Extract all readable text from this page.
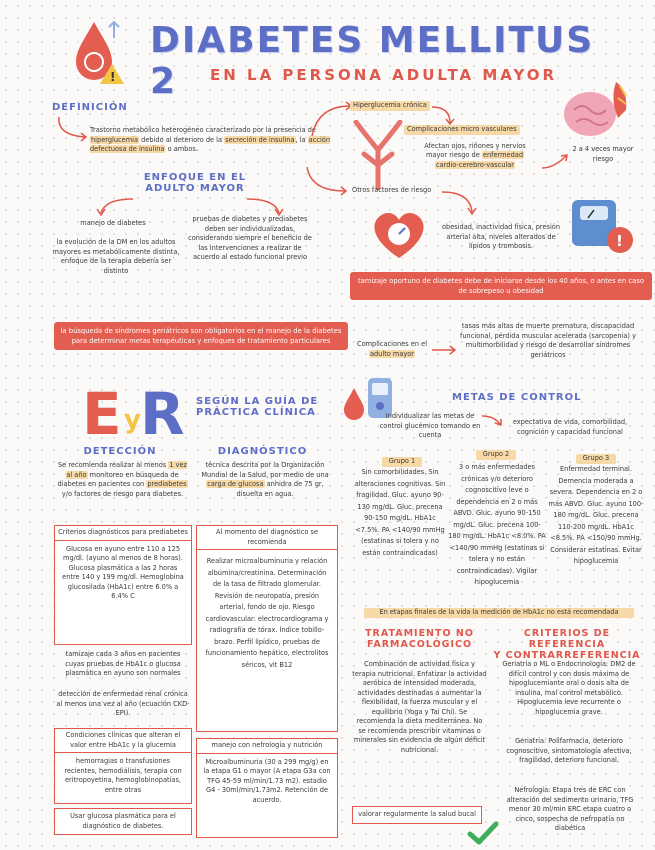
!
DIABETES MELLITUS 2	EN LA PERSONA ADULTA MAYOR
DEFINICIÓN
Trastorno metabólico heterogéneo caracterizado por la presencia de hiperglucemia debido al deterioro de la secreción de insulina, la acción defectuosa de insulina o ambos.
Hiperglucemia crónica
Complicaciones micro vasculares
Afectan ojos, riñones y nervios
mayor riesgo de enfermedad
cardio-cerebro-vascular
2 a 4 veces mayor riesgo
Otros factores de riesgo
obesidad, inactividad física, presión arterial alta, niveles alterados de lípidos y trombosis.	!
tamizaje oportuno de diabetes debe de iniciarse desde los 40 años, o antes en caso de sobrepeso u obesidad
ENFOQUE EN EL
ADULTO MAYOR
manejo de diabetes
la evolución de la DM en los adultos mayores es metabólicamente distinta, enfoque de la terapia debería ser distinto
pruebas de diabetes y prediabetes deben ser individualizadas, considerando siempre el beneficio de las intervenciones a realizar de acuerdo al estado funcional previo
la búsqueda de síndromes geriátricos son obligatorios en el manejo de la diabetes para determinar metas terapéuticas y enfoques de tratamiento particulares	Complicaciones en el adulto mayor
tasas más altas de muerte prematura, discapacidad funcional, pérdida muscular acelerada (sarcopenia) y multimorbilidad y riesgo de desarrollar síndromes geriátricos
E y R SEGÚN LA GUÍA DE
PRÁCTICA CLÍNICA
DETECCIÓN
Se recomienda realizar al menos 1 vez al año monitoreo en búsqueda de diabetes en pacientes con prediabetes y/o factores de riesgo para diabetes.
Criterios diagnósticos para prediabetes
Glucosa en ayuno entre 110 a 125 mg/dl. (ayuno al menos de 8 horas). Glucosa plasmática a las 2 horas entre 140 y 199 mg/dl. Hemoglobina glucosilada (HbA1c) entre 6.0% a 6.4% C
tamizaje cada 3 años en pacientes cuyas pruebas de HbA1c o glucosa plasmática en ayuno son normales
detección de enfermedad renal crónica al menos una vez al año (ecuación CKD-EPI).
Condiciones clínicas que alteran el valor entre HbA1c y la glucemia
hemorragias o transfusiones recientes, hemodiálisis, terapia con eritropoyetina, hemoglobinopatías, entre otras
Usar glucosa plasmática para el diagnóstico de diabetes.
DIAGNÓSTICO
técnica descrita por la Organización Mundial de la Salud, por medio de una carga de glucosa anhidra de 75 gr, disuelta en agua.
Al momento del diagnóstico se recomienda
Realizar microalbuminuria y relación albúmina/creatinina. Determinación de la tasa de filtrado glomerular. Revisión de neuropatía, presión arterial, fondo de ojo. Riesgo cardiovascular: electrocardiograma y radiografía de tórax. Índice tobillo-brazo. Perfil lipídico, pruebas de funcionamiento hepático, electrolitos séricos, vit B12
manejo con nefrología y nutrición
Microalbuminuria (30 a 299 mg/g) en la etapa G1 o mayor (A etapa G3a con TFG 45-59 ml/min/1.73 m2). estadio G4 - 30ml/min/1.73m2. Retención de acuerdo.
METAS DE CONTROL
Individualizar las metas de control glucémico tomando en cuenta
expectativa de vida, comorbilidad, cognición y capacidad funcional
Grupo 1
Sin comorbilidades. Sin alteraciones cognitivas. Sin fragilidad. Gluc. ayuno 90-130 mg/dL. Gluc. precena 90-150 mg/dL. HbA1c <7.5%. PA <140/90 mmHg (estatinas si tolera y no están contraindicadas)
Grupo 2
3 o más enfermedades crónicas y/o deterioro cognoscitivo leve o dependencia en 2 o más ABVD. Gluc. ayuno 90-150 mg/dL. Gluc. precena 100-180 mg/dL. HbA1c <8.0%. PA <140/90 mmHg (estatinas si tolera y no están contraindicadas). Vigilar hipoglucemia
Grupo 3
Enfermedad terminal. Demencia moderada a severa. Dependencia en 2 o más ABVD. Gluc. ayuno 100-180 mg/dL. Gluc. precena 110-200 mg/dL. HbA1c <8.5%. PA <150/90 mmHg. Considerar estatinas. Evitar hipoglucemia
En etapas finales de la vida la medición de HbA1c no está recomendada
TRATAMIENTO NO
FARMACOLÓGICO
Combinación de actividad física y terapia nutricional. Enfatizar la actividad aeróbica de intensidad moderada, actividades destinadas a aumentar la flexibilidad, la fuerza muscular y el equilibrio (Yoga y Tai Chi). Se recomienda la dieta mediterránea. No se recomienda prescribir vitaminas o minerales sin evidencia de algún déficit nutricional.
valorar regularmente la salud bucal
CRITERIOS DE REFERENCIA
Y CONTRARREFERENCIA
Geriatría o ML o Endocrinología: DM2 de difícil control y con dosis máxima de hipoglucemiante oral o dosis alta de insulina, mal control metabólico. Hipoglucemia leve recurrente o hipoglucemia grave.
Geriatría: Polifarmacia, deterioro cognoscitivo, sintomatología afectiva, fragilidad, deterioro funcional.
Nefrología: Etapa tres de ERC con alteración del sedimento urinario, TFG menor 30 ml/min ERC etapa cuatro o cinco, sospecha de nefropatía no diabética
